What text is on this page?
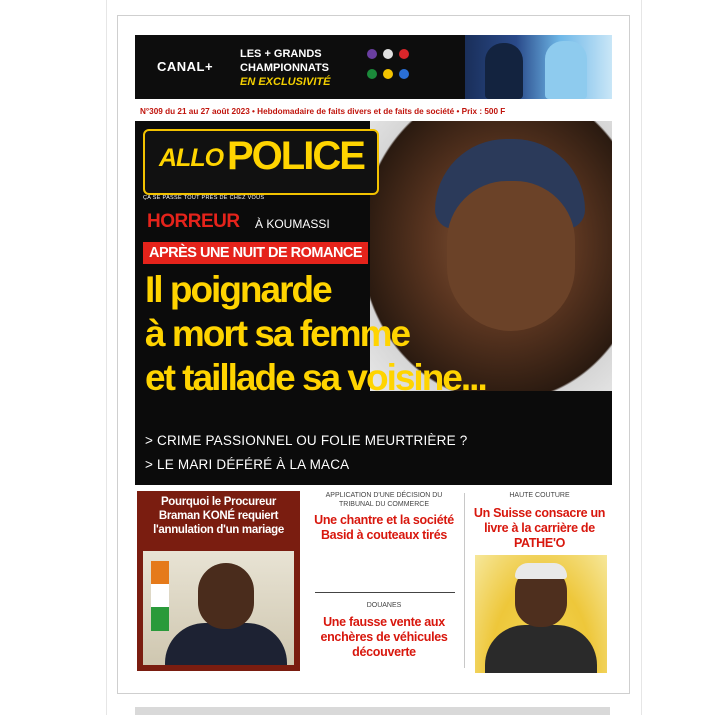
CANAL+
LES + GRANDS
CHAMPIONNATS
EN EXCLUSIVITÉ
N°309 du 21 au 27 août 2023 • Hebdomadaire de faits divers et de faits de société • Prix : 500 F
ALLO POLICE
ÇA SE PASSE TOUT PRÈS DE CHEZ VOUS
HORREUR À KOUMASSI
APRÈS UNE NUIT DE ROMANCE
Il poignarde
à mort sa femme
et taillade sa voisine...
> CRIME PASSIONNEL OU FOLIE MEURTRIÈRE ?
> LE MARI DÉFÉRÉ À LA MACA
Pourquoi le Procureur Braman KONÉ requiert l'annulation d'un mariage
APPLICATION D'UNE DÉCISION DU TRIBUNAL DU COMMERCE
Une chantre et la société Basid à couteaux tirés
DOUANES
Une fausse vente aux enchères de véhicules découverte
HAUTE COUTURE
Un Suisse consacre un livre à la carrière de PATHE'O
